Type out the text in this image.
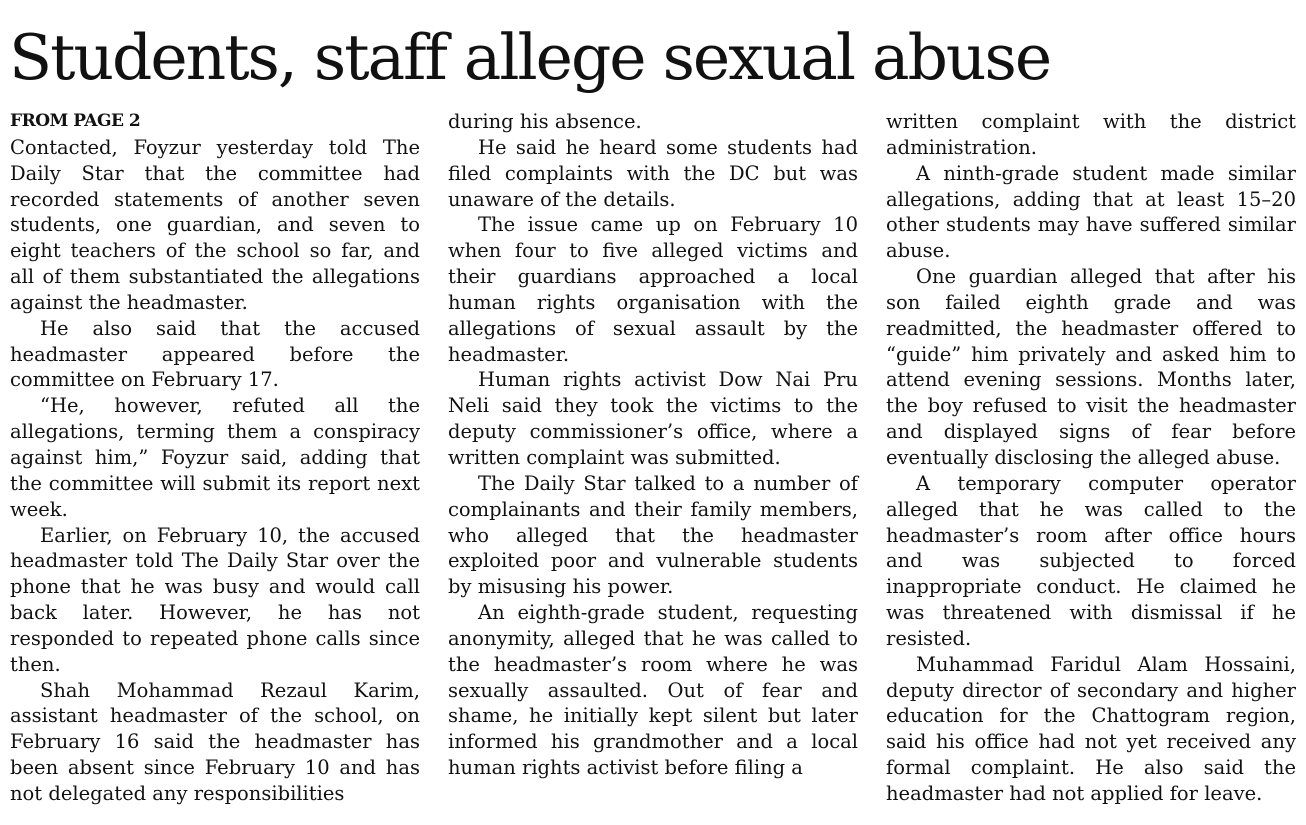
Students, staff allege sexual abuse
FROM PAGE 2

Contacted, Foyzur yesterday told The Daily Star that the committee had recorded statements of another seven students, one guardian, and seven to eight teachers of the school so far, and all of them substantiated the allegations against the headmaster.

He also said that the accused headmaster appeared before the committee on February 17.

“He, however, refuted all the allegations, terming them a conspiracy against him,” Foyzur said, adding that the committee will submit its report next week.

Earlier, on February 10, the accused headmaster told The Daily Star over the phone that he was busy and would call back later. However, he has not responded to repeated phone calls since then.

Shah Mohammad Rezaul Karim, assistant headmaster of the school, on February 16 said the headmaster has been absent since February 10 and has not delegated any responsibilities

during his absence.

He said he heard some students had filed complaints with the DC but was unaware of the details.

The issue came up on February 10 when four to five alleged victims and their guardians approached a local human rights organisation with the allegations of sexual assault by the headmaster.

Human rights activist Dow Nai Pru Neli said they took the victims to the deputy commissioner’s office, where a written complaint was submitted.

The Daily Star talked to a number of complainants and their family members, who alleged that the headmaster exploited poor and vulnerable students by misusing his power.

An eighth-grade student, requesting anonymity, alleged that he was called to the headmaster’s room where he was sexually assaulted. Out of fear and shame, he initially kept silent but later informed his grandmother and a local human rights activist before filing a

written complaint with the district administration.

A ninth-grade student made similar allegations, adding that at least 15–20 other students may have suffered similar abuse.

One guardian alleged that after his son failed eighth grade and was readmitted, the headmaster offered to “guide” him privately and asked him to attend evening sessions. Months later, the boy refused to visit the headmaster and displayed signs of fear before eventually disclosing the alleged abuse.

A temporary computer operator alleged that he was called to the headmaster’s room after office hours and was subjected to forced inappropriate conduct. He claimed he was threatened with dismissal if he resisted.

Muhammad Faridul Alam Hossaini, deputy director of secondary and higher education for the Chattogram region, said his office had not yet received any formal complaint. He also said the headmaster had not applied for leave.
